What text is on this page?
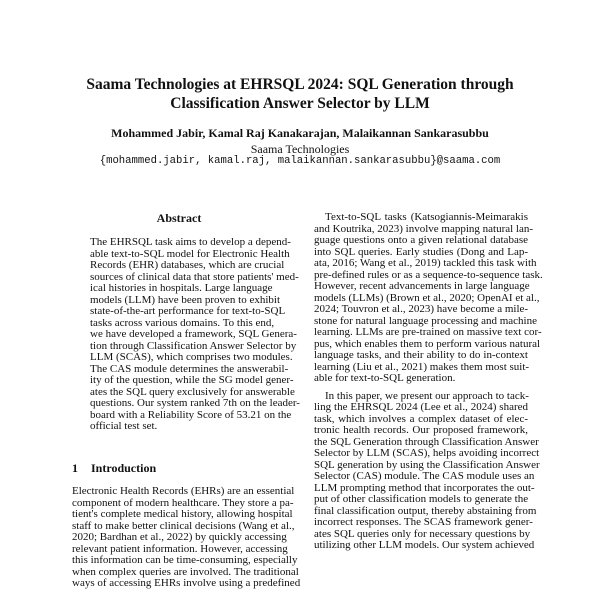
Saama Technologies at EHRSQL 2024: SQL Generation through
Classification Answer Selector by LLM
Mohammed Jabir, Kamal Raj Kanakarajan, Malaikannan Sankarasubbu
Saama Technologies
{mohammed.jabir, kamal.raj, malaikannan.sankarasubbu}@saama.com
Abstract
The EHRSQL task aims to develop a depend-
able text-to-SQL model for Electronic Health
Records (EHR) databases, which are crucial
sources of clinical data that store patients' med-
ical histories in hospitals. Large language
models (LLM) have been proven to exhibit
state-of-the-art performance for text-to-SQL
tasks across various domains. To this end,
we have developed a framework, SQL Genera-
tion through Classification Answer Selector by
LLM (SCAS), which comprises two modules.
The CAS module determines the answerabil-
ity of the question, while the SG model gener-
ates the SQL query exclusively for answerable
questions. Our system ranked 7th on the leader-
board with a Reliability Score of 53.21 on the
official test set.
1 Introduction
Electronic Health Records (EHRs) are an essential
component of modern healthcare. They store a pa-
tient's complete medical history, allowing hospital
staff to make better clinical decisions (Wang et al.,
2020; Bardhan et al., 2022) by quickly accessing
relevant patient information. However, accessing
this information can be time-consuming, especially
when complex queries are involved. The traditional
ways of accessing EHRs involve using a predefined
Text-to-SQL tasks (Katsogiannis-Meimarakis
and Koutrika, 2023) involve mapping natural lan-
guage questions onto a given relational database
into SQL queries. Early studies (Dong and Lap-
ata, 2016; Wang et al., 2019) tackled this task with
pre-defined rules or as a sequence-to-sequence task.
However, recent advancements in large language
models (LLMs) (Brown et al., 2020; OpenAI et al.,
2024; Touvron et al., 2023) have become a mile-
stone for natural language processing and machine
learning. LLMs are pre-trained on massive text cor-
pus, which enables them to perform various natural
language tasks, and their ability to do in-context
learning (Liu et al., 2021) makes them most suit-
able for text-to-SQL generation.
In this paper, we present our approach to tack-
ling the EHRSQL 2024 (Lee et al., 2024) shared
task, which involves a complex dataset of elec-
tronic health records. Our proposed framework,
the SQL Generation through Classification Answer
Selector by LLM (SCAS), helps avoiding incorrect
SQL generation by using the Classification Answer
Selector (CAS) module. The CAS module uses an
LLM prompting method that incorporates the out-
put of other classification models to generate the
final classification output, thereby abstaining from
incorrect responses. The SCAS framework gener-
ates SQL queries only for necessary questions by
utilizing other LLM models. Our system achieved
